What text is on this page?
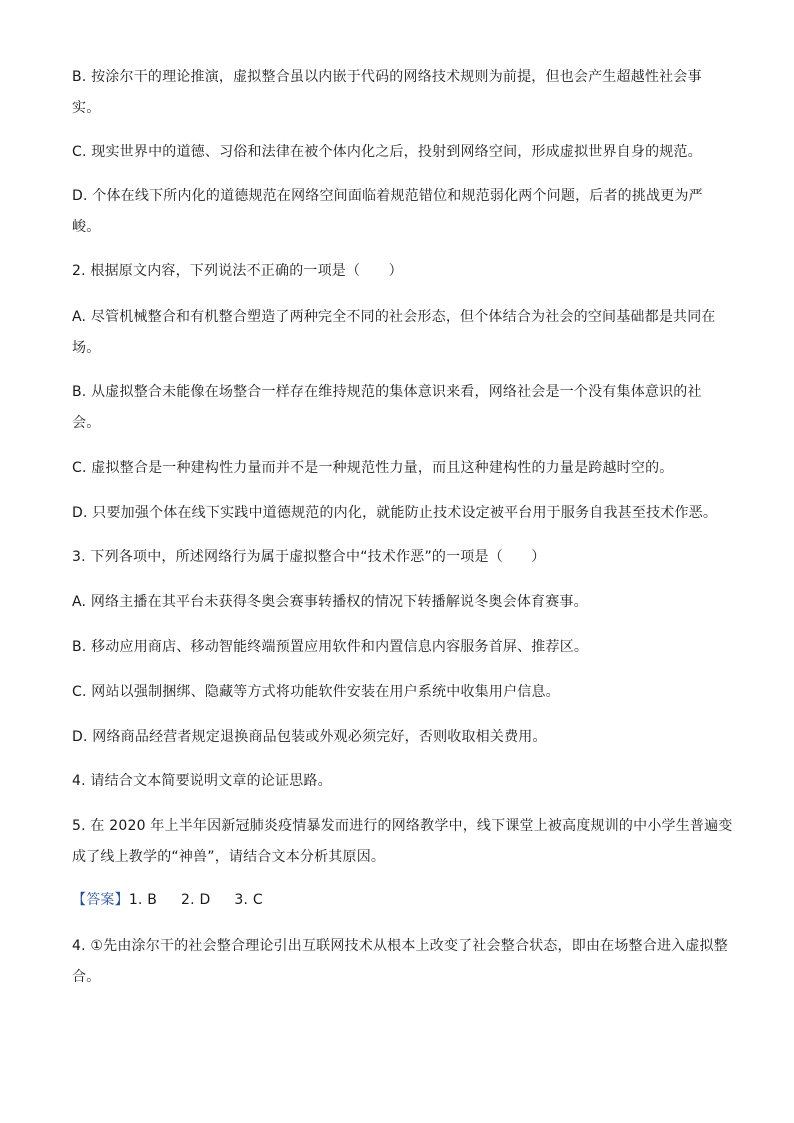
B. 按涂尔干的理论推演，虚拟整合虽以内嵌于代码的网络技术规则为前提，但也会产生超越性社会事
实。
C. 现实世界中的道德、习俗和法律在被个体内化之后，投射到网络空间，形成虚拟世界自身的规范。
D. 个体在线下所内化的道德规范在网络空间面临着规范错位和规范弱化两个问题，后者的挑战更为严
峻。
2. 根据原文内容，下列说法不正确的一项是（　　）
A. 尽管机械整合和有机整合塑造了两种完全不同的社会形态，但个体结合为社会的空间基础都是共同在
场。
B. 从虚拟整合未能像在场整合一样存在维持规范的集体意识来看，网络社会是一个没有集体意识的社
会。
C. 虚拟整合是一种建构性力量而并不是一种规范性力量，而且这种建构性的力量是跨越时空的。
D. 只要加强个体在线下实践中道德规范的内化，就能防止技术设定被平台用于服务自我甚至技术作恶。
3. 下列各项中，所述网络行为属于虚拟整合中“技术作恶”的一项是（　　）
A. 网络主播在其平台未获得冬奥会赛事转播权的情况下转播解说冬奥会体育赛事。
B. 移动应用商店、移动智能终端预置应用软件和内置信息内容服务首屏、推荐区。
C. 网站以强制捆绑、隐藏等方式将功能软件安装在用户系统中收集用户信息。
D. 网络商品经营者规定退换商品包装或外观必须完好，否则收取相关费用。
4. 请结合文本简要说明文章的论证思路。
5. 在 2020 年上半年因新冠肺炎疫情暴发而进行的网络教学中，线下课堂上被高度规训的中小学生普遍变
成了线上教学的“神兽”，请结合文本分析其原因。
【答案】1. B 2. D 3. C
4. ①先由涂尔干的社会整合理论引出互联网技术从根本上改变了社会整合状态，即由在场整合进入虚拟整
合。
